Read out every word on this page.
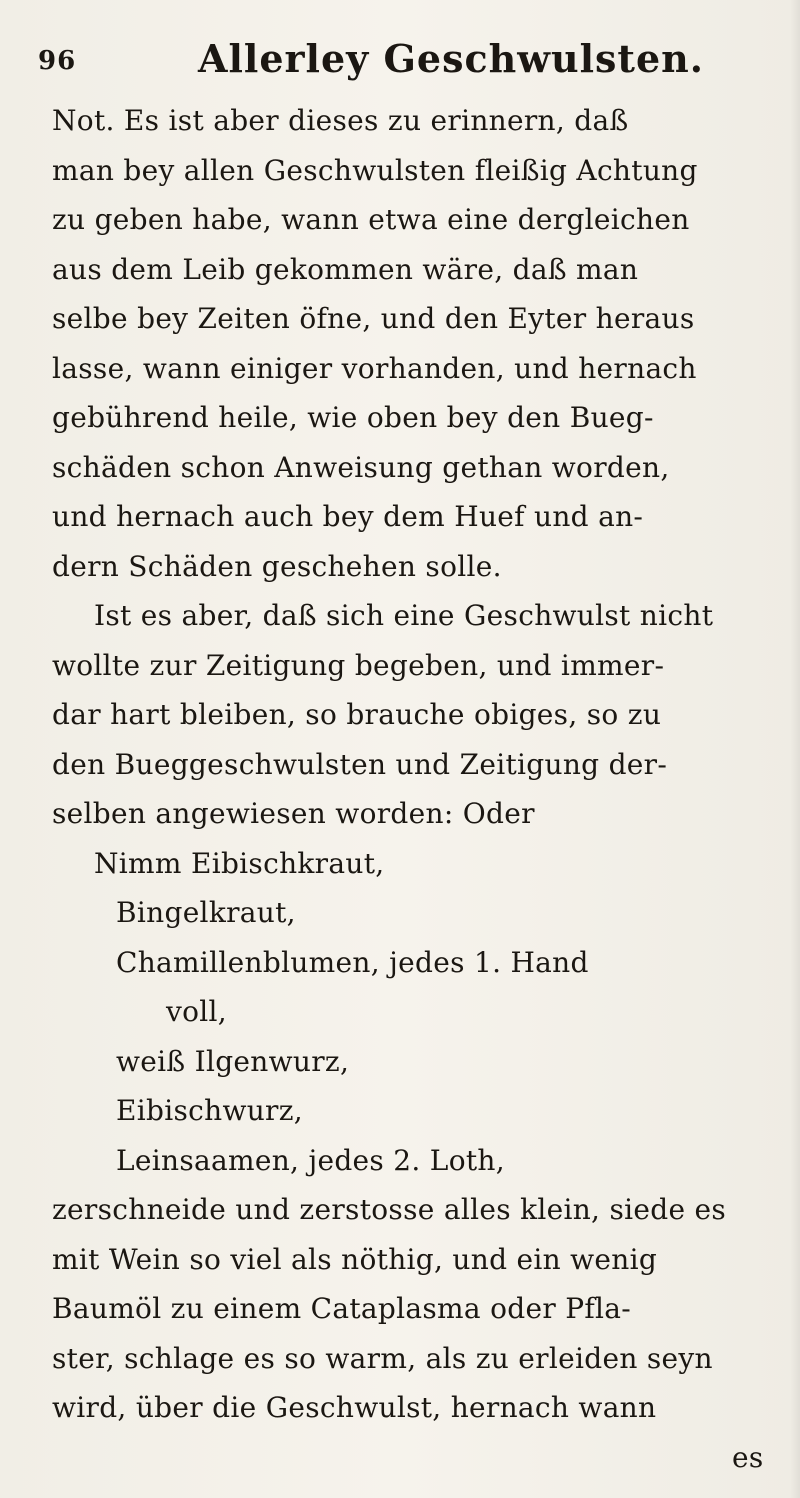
96	Allerley Geschwulsten.
Not. Es ist aber dieses zu erinnern, daß
man bey allen Geschwulsten fleißig Achtung
zu geben habe, wann etwa eine dergleichen
aus dem Leib gekommen wäre, daß man
selbe bey Zeiten öfne, und den Eyter heraus
lasse, wann einiger vorhanden, und hernach
gebührend heile, wie oben bey den Bueg-
schäden schon Anweisung gethan worden,
und hernach auch bey dem Huef und an-
dern Schäden geschehen solle.
Ist es aber, daß sich eine Geschwulst nicht
wollte zur Zeitigung begeben, und immer-
dar hart bleiben, so brauche obiges, so zu
den Bueggeschwulsten und Zeitigung der-
selben angewiesen worden: Oder
Nimm Eibischkraut,
Bingelkraut,
Chamillenblumen, jedes 1. Hand
voll,
weiß Ilgenwurz,
Eibischwurz,
Leinsaamen, jedes 2. Loth,
zerschneide und zerstosse alles klein, siede es
mit Wein so viel als nöthig, und ein wenig
Baumöl zu einem Cataplasma oder Pfla-
ster, schlage es so warm, als zu erleiden seyn
wird, über die Geschwulst, hernach wann
es
